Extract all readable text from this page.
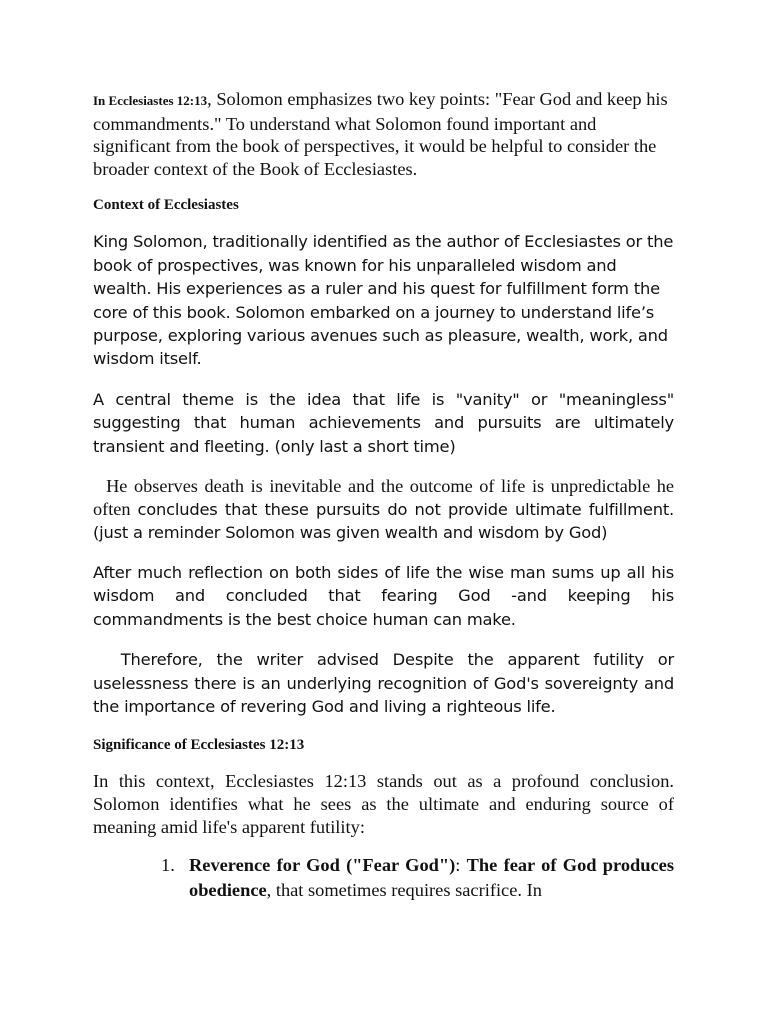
In Ecclesiastes 12:13, Solomon emphasizes two key points: "Fear God and keep his commandments." To understand what Solomon found important and significant from the book of perspectives, it would be helpful to consider the broader context of the Book of Ecclesiastes.

Context of Ecclesiastes

King Solomon, traditionally identified as the author of Ecclesiastes or the book of prospectives, was known for his unparalleled wisdom and wealth. His experiences as a ruler and his quest for fulfillment form the core of this book. Solomon embarked on a journey to understand life’s purpose, exploring various avenues such as pleasure, wealth, work, and wisdom itself.

A central theme is the idea that life is "vanity" or "meaningless" suggesting that human achievements and pursuits are ultimately transient and fleeting. (only last a short time)

He observes death is inevitable and the outcome of life is unpredictable he often concludes that these pursuits do not provide ultimate fulfillment. (just a reminder Solomon was given wealth and wisdom by God)

After much reflection on both sides of life the wise man sums up all his wisdom and concluded that fearing God -and keeping his commandments is the best choice human can make.

Therefore, the writer advised Despite the apparent futility or uselessness there is an underlying recognition of God's sovereignty and the importance of revering God and living a righteous life.

Significance of Ecclesiastes 12:13

In this context, Ecclesiastes 12:13 stands out as a profound conclusion. Solomon identifies what he sees as the ultimate and enduring source of meaning amid life's apparent futility:

1. Reverence for God ("Fear God"): The fear of God produces obedience, that sometimes requires sacrifice. In
